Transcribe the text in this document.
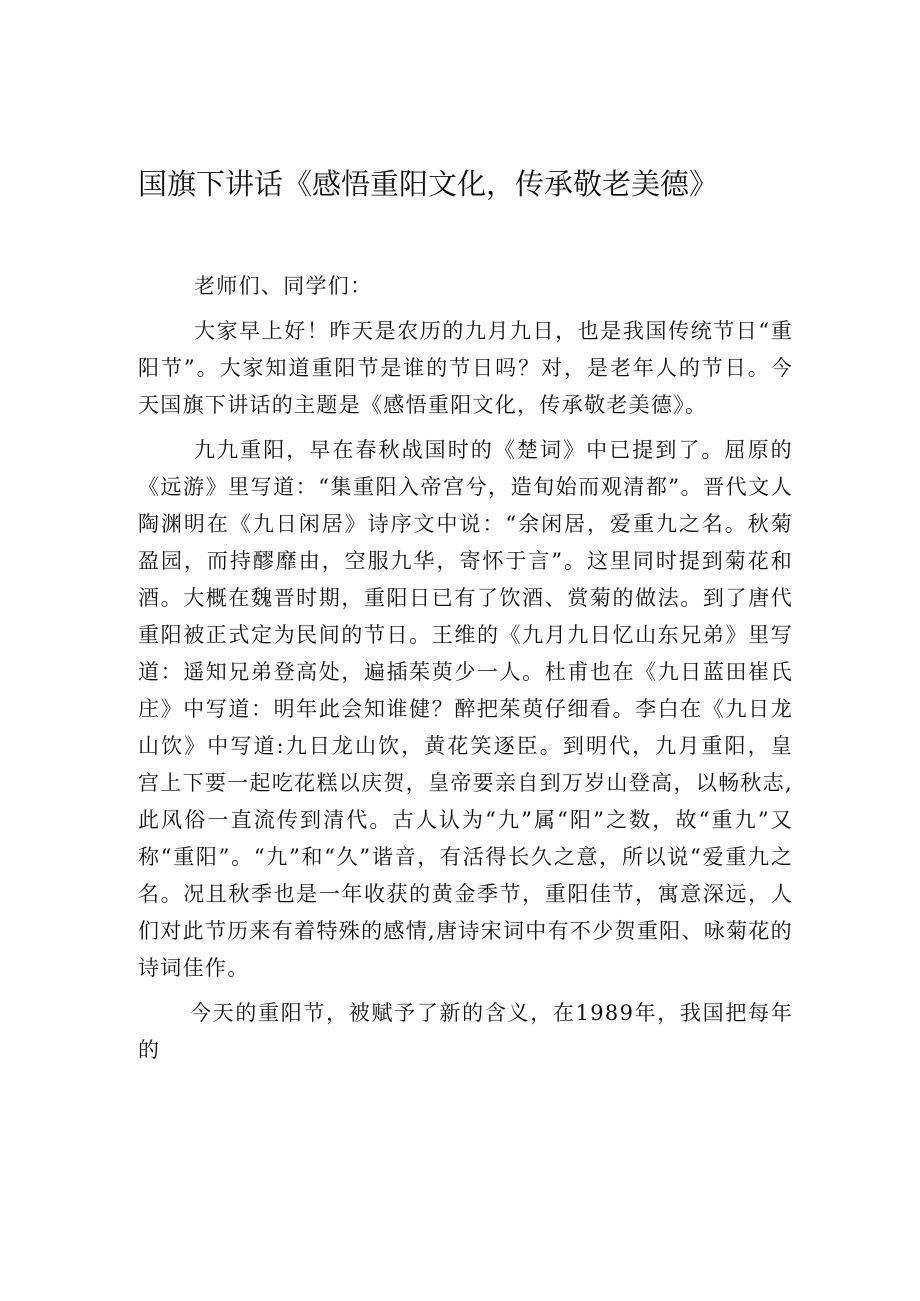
国旗下讲话《感悟重阳文化，传承敬老美德》

老师们、同学们：

大家早上好！昨天是农历的九月九日，也是我国传统节日“重阳节”。大家知道重阳节是谁的节日吗？对，是老年人的节日。今天国旗下讲话的主题是《感悟重阳文化，传承敬老美德》。

九九重阳，早在春秋战国时的《楚词》中已提到了。屈原的《远游》里写道：“集重阳入帝宫兮，造旬始而观清都”。晋代文人陶渊明在《九日闲居》诗序文中说：“余闲居，爱重九之名。秋菊盈园，而持醪靡由，空服九华，寄怀于言”。这里同时提到菊花和酒。大概在魏晋时期，重阳日已有了饮酒、赏菊的做法。到了唐代重阳被正式定为民间的节日。王维的《九月九日忆山东兄弟》里写道：遥知兄弟登高处，遍插茱萸少一人。杜甫也在《九日蓝田崔氏庄》中写道：明年此会知谁健？醉把茱萸仔细看。李白在《九日龙山饮》中写道:九日龙山饮，黄花笑逐臣。到明代，九月重阳，皇宫上下要一起吃花糕以庆贺，皇帝要亲自到万岁山登高，以畅秋志,此风俗一直流传到清代。古人认为“九”属“阳”之数，故“重九”又称“重阳”。“九”和“久”谐音，有活得长久之意，所以说“爱重九之名。况且秋季也是一年收获的黄金季节，重阳佳节，寓意深远，人们对此节历来有着特殊的感情,唐诗宋词中有不少贺重阳、咏菊花的诗词佳作。

今天的重阳节，被赋予了新的含义，在1989年，我国把每年的
